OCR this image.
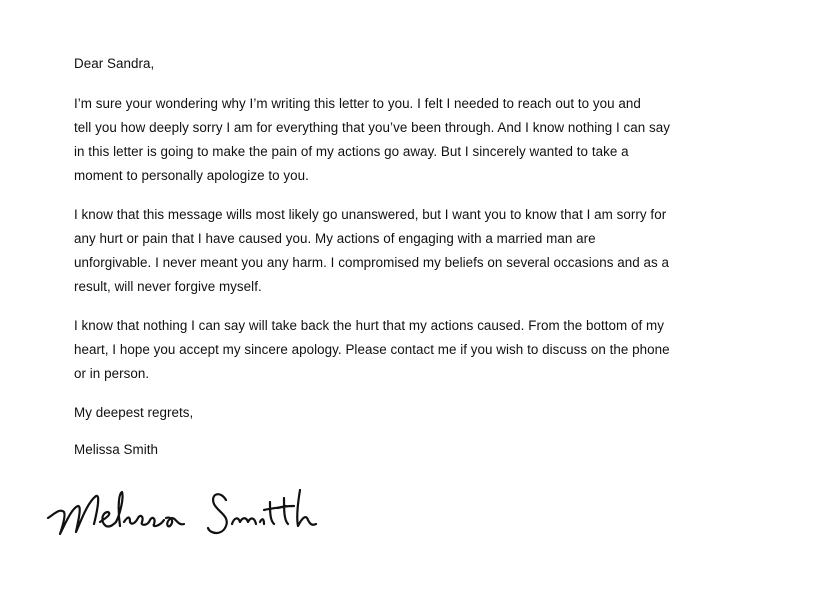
Dear Sandra,

I’m sure your wondering why I’m writing this letter to you. I felt I needed to reach out to you and
tell you how deeply sorry I am for everything that you’ve been through. And I know nothing I can say
in this letter is going to make the pain of my actions go away. But I sincerely wanted to take a
moment to personally apologize to you.

I know that this message wills most likely go unanswered, but I want you to know that I am sorry for
any hurt or pain that I have caused you. My actions of engaging with a married man are
unforgivable. I never meant you any harm. I compromised my beliefs on several occasions and as a
result, will never forgive myself.

I know that nothing I can say will take back the hurt that my actions caused. From the bottom of my
heart, I hope you accept my sincere apology. Please contact me if you wish to discuss on the phone
or in person.

My deepest regrets,

Melissa Smith
